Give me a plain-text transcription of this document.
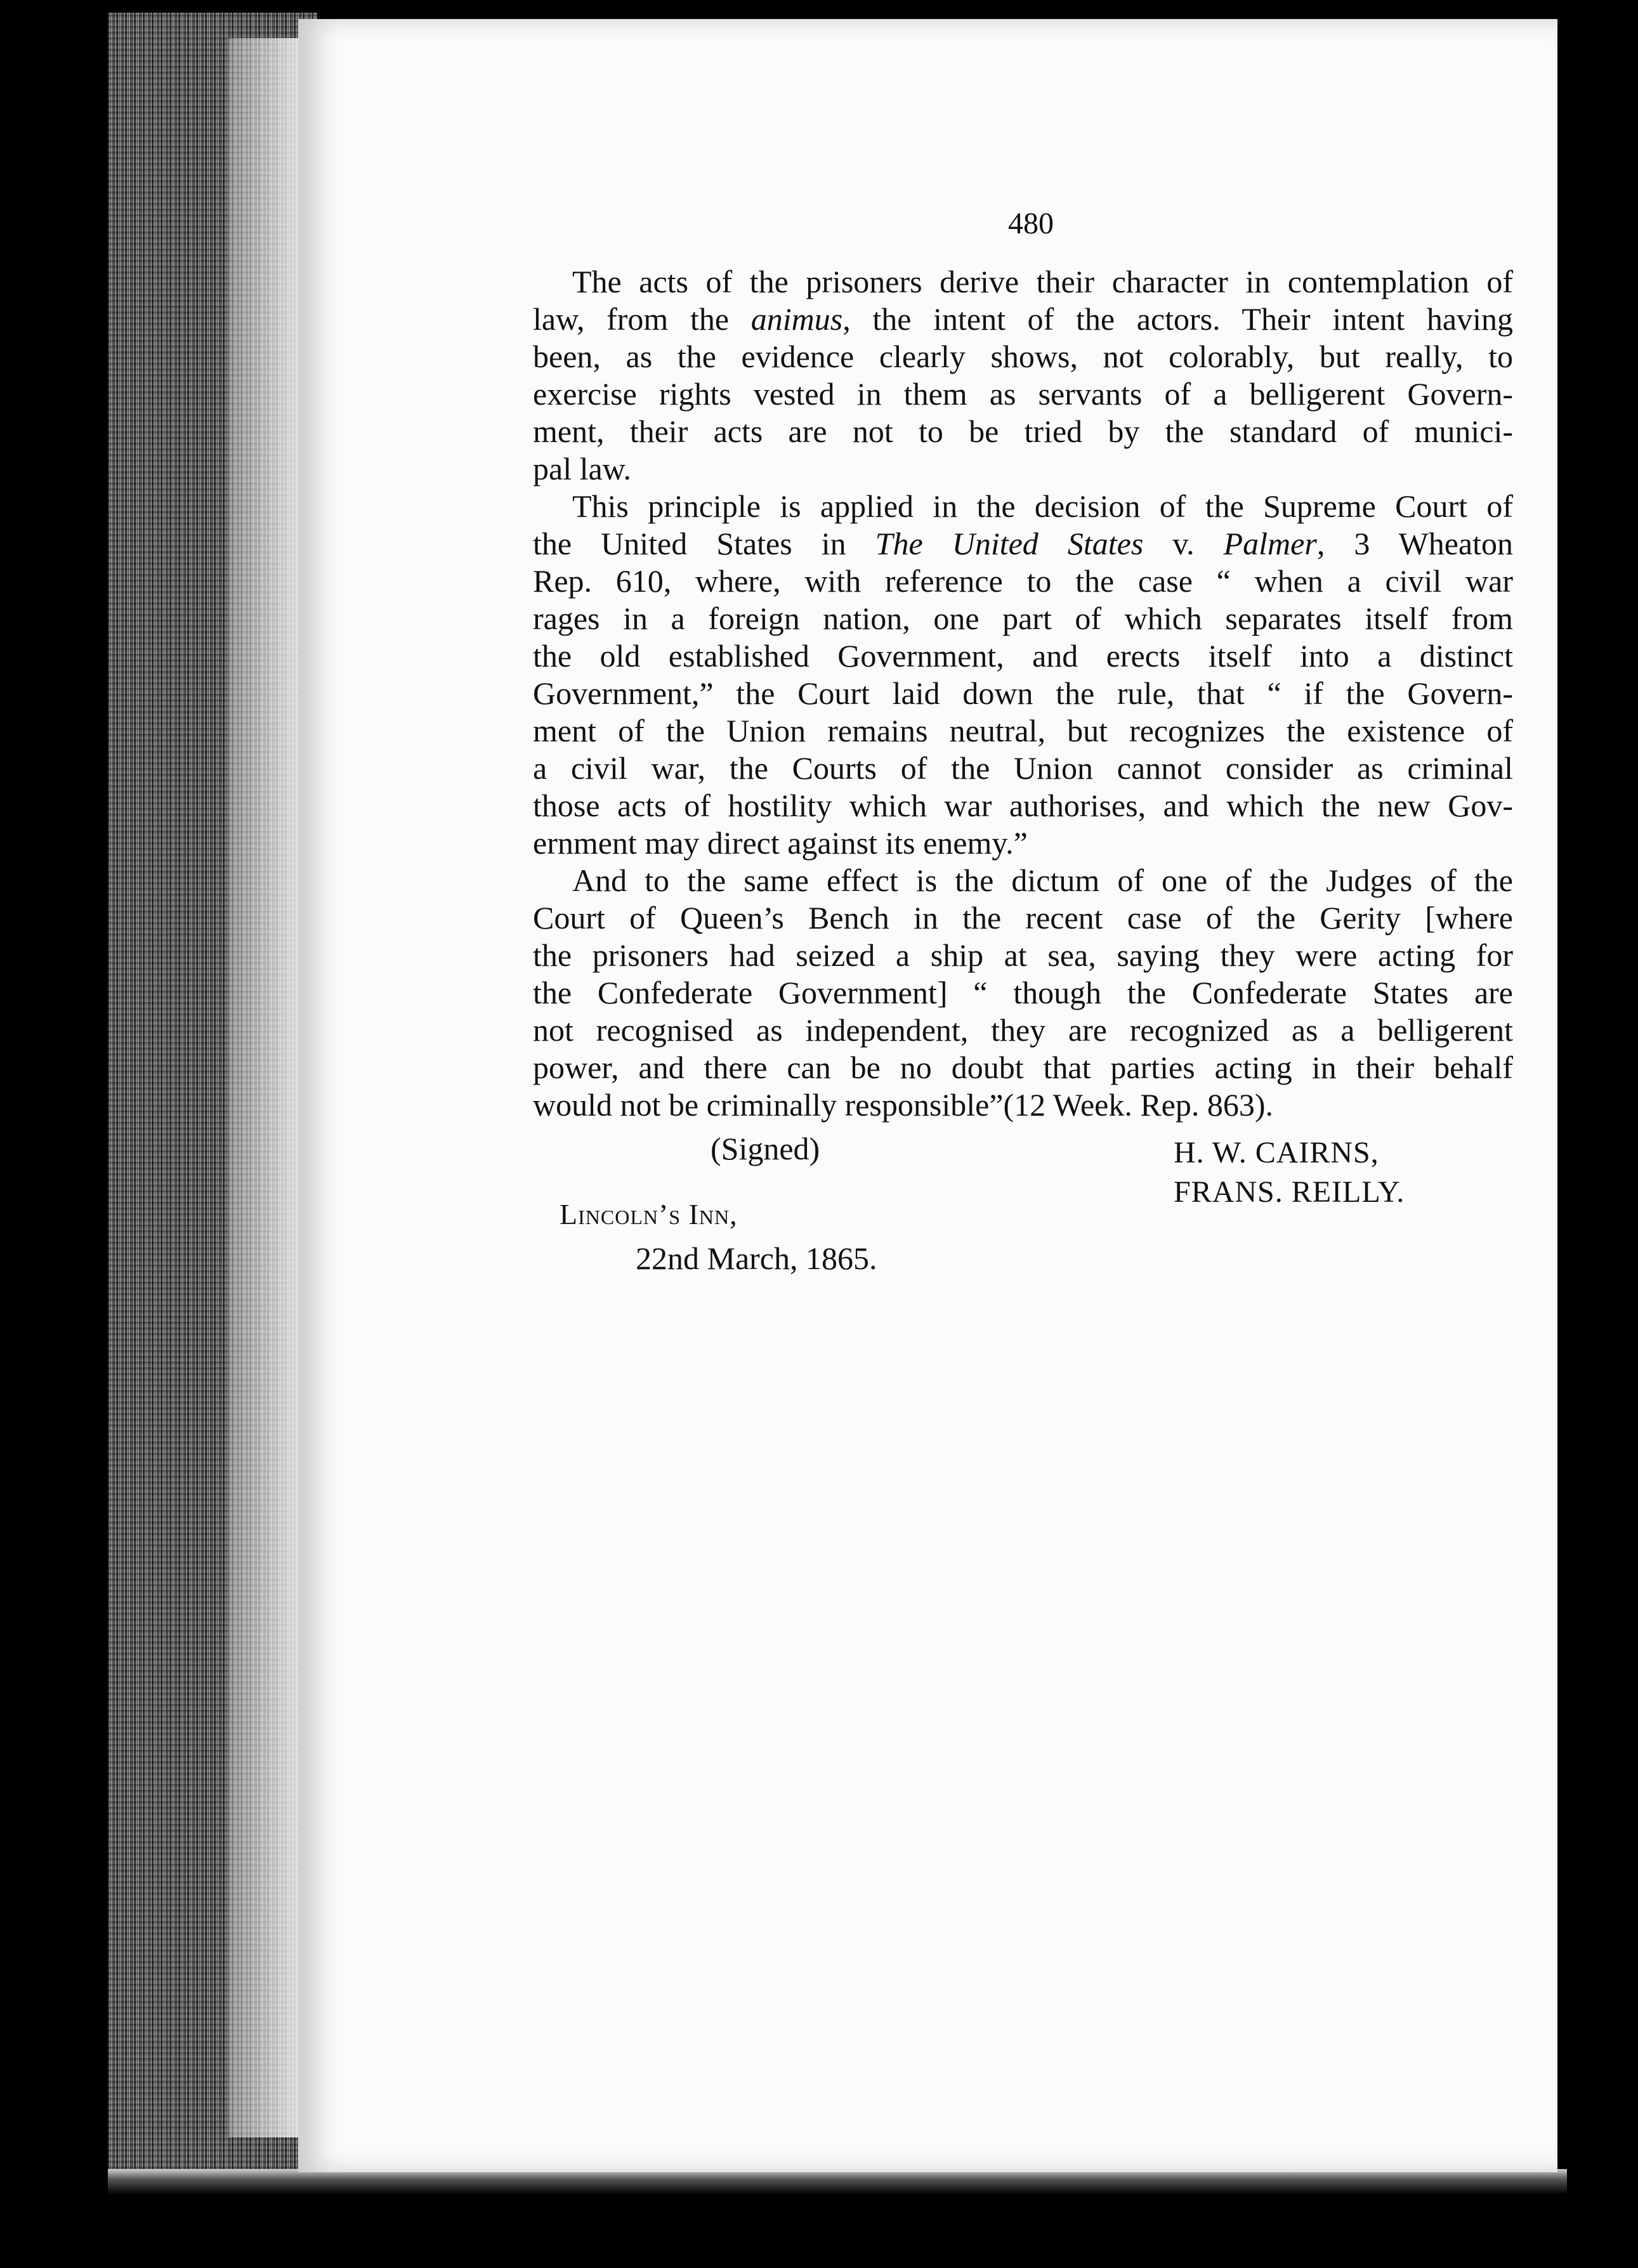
480
The acts of the prisoners derive their character in contemplation of
law, from the animus, the intent of the actors. Their intent having
been, as the evidence clearly shows, not colorably, but really, to
exercise rights vested in them as servants of a belligerent Govern-
ment, their acts are not to be tried by the standard of munici-
pal law.
This principle is applied in the decision of the Supreme Court of
the United States in The United States v. Palmer, 3 Wheaton
Rep. 610, where, with reference to the case “ when a civil war
rages in a foreign nation, one part of which separates itself from
the old established Government, and erects itself into a distinct
Government,” the Court laid down the rule, that “ if the Govern-
ment of the Union remains neutral, but recognizes the existence of
a civil war, the Courts of the Union cannot consider as criminal
those acts of hostility which war authorises, and which the new Gov-
ernment may direct against its enemy.”
And to the same effect is the dictum of one of the Judges of the
Court of Queen’s Bench in the recent case of the Gerity [where
the prisoners had seized a ship at sea, saying they were acting for
the Confederate Government] “ though the Confederate States are
not recognised as independent, they are recognized as a belligerent
power, and there can be no doubt that parties acting in their behalf
would not be criminally responsible”(12 Week. Rep. 863).
(Signed)	H. W. CAIRNS,
FRANS. REILLY.
Lincoln’s Inn,
22nd March, 1865.
